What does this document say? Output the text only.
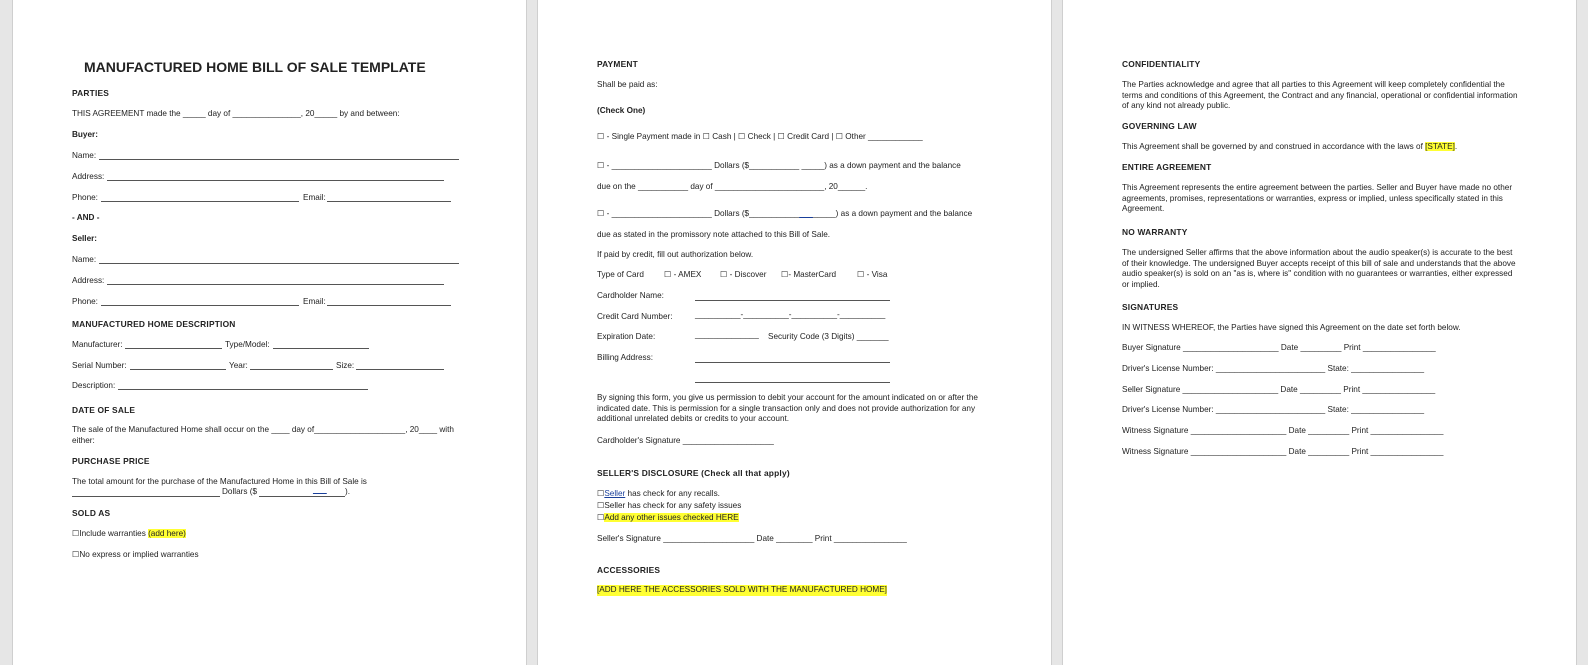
MANUFACTURED HOME BILL OF SALE TEMPLATE
PARTIES
THIS AGREEMENT made the _____ day of _______________, 20_____ by and between:
Buyer:
Name:
Address:
Phone:	Email:
- AND -
Seller:
Name:
Address:
Phone:	Email:
MANUFACTURED HOME DESCRIPTION
Manufacturer:	Type/Model:
Serial Number:	Year:	Size:
Description:
DATE OF SALE
The sale of the Manufactured Home shall occur on the ____ day of____________________, 20____ with either:
PURCHASE PRICE
The total amount for the purchase of the Manufactured Home in this Bill of Sale is
Dollars ($	___ ).
SOLD AS
☐Include warranties (add here)
☐No express or implied warranties
PAYMENT
Shall be paid as:
(Check One)
☐ - Single Payment made in ☐ Cash | ☐ Check | ☐ Credit Card | ☐ Other ____________
☐ - ______________________ Dollars ($___________ _____) as a down payment and the balance
due on the ___________ day of ________________________, 20______.
☐ - ______________________ Dollars ($___________________) as a down payment and the balance
due as stated in the promissory note attached to this Bill of Sale.
If paid by credit, fill out authorization below.
Type of Card ☐ - AMEX ☐ - Discover ☐- MasterCard	☐ - Visa
Cardholder Name:
Credit Card Number:	__________-__________-__________-__________
Expiration Date:	______________ Security Code (3 Digits) _______
Billing Address:
By signing this form, you give us permission to debit your account for the amount indicated on or after the indicated date. This is permission for a single transaction only and does not provide authorization for any additional unrelated debits or credits to your account.
Cardholder's Signature ____________________
SELLER'S DISCLOSURE (Check all that apply)
☐Seller has check for any recalls.
☐Seller has check for any safety issues
☐Add any other issues checked HERE
Seller's Signature ____________________ Date ________ Print ________________
ACCESSORIES
[ADD HERE THE ACCESSORIES SOLD WITH THE MANUFACTURED HOME]
CONFIDENTIALITY
The Parties acknowledge and agree that all parties to this Agreement will keep completely confidential the terms and conditions of this Agreement, the Contract and any financial, operational or confidential information of any kind not already public.
GOVERNING LAW
This Agreement shall be governed by and construed in accordance with the laws of [STATE].
ENTIRE AGREEMENT
This Agreement represents the entire agreement between the parties. Seller and Buyer have made no other agreements, promises, representations or warranties, express or implied, unless specifically stated in this Agreement.
NO WARRANTY
The undersigned Seller affirms that the above information about the audio speaker(s) is accurate to the best of their knowledge. The undersigned Buyer accepts receipt of this bill of sale and understands that the above audio speaker(s) is sold on an "as is, where is" condition with no guarantees or warranties, either expressed or implied.
SIGNATURES
IN WITNESS WHEREOF, the Parties have signed this Agreement on the date set forth below.
Buyer Signature _____________________ Date _________ Print ________________
Driver's License Number: ________________________ State: ________________
Seller Signature _____________________ Date _________ Print ________________
Driver's License Number: ________________________ State: ________________
Witness Signature _____________________ Date _________ Print ________________
Witness Signature _____________________ Date _________ Print ________________
